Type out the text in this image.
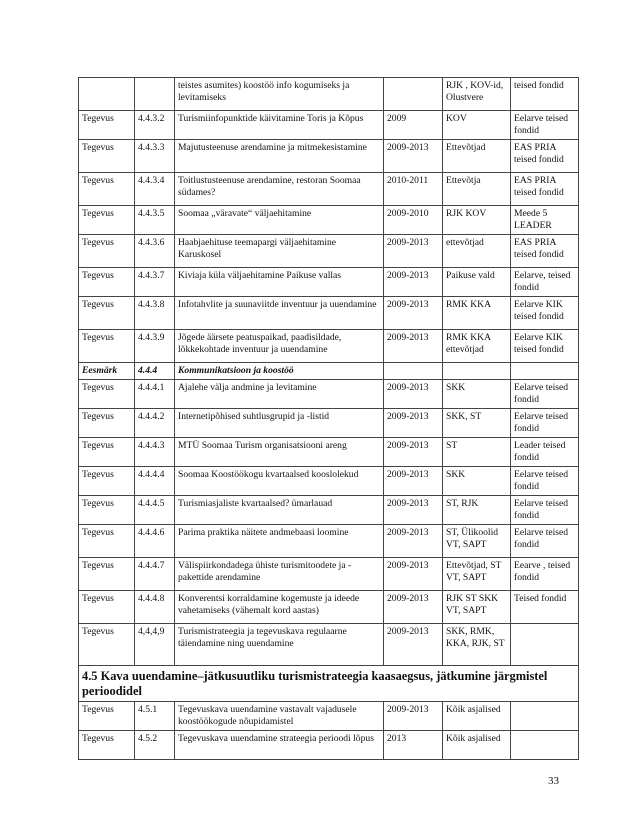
		teistes asumites) koostöö info kogumiseks ja levitamiseks		RJK , KOV-id, Olustvere	teised fondid
Tegevus	4.4.3.2	Turismiinfopunktide käivitamine Toris ja Kõpus	2009	KOV	Eelarve teised fondid
Tegevus	4.4.3.3	Majutusteenuse arendamine ja mitmekesistamine	2009-2013	Ettevõtjad	EAS PRIA teised fondid
Tegevus	4.4.3.4	Toitlustusteenuse arendamine, restoran Soomaa südames?	2010-2011	Ettevõtja	EAS PRIA teised fondid
Tegevus	4.4.3.5	Soomaa „väravate“ väljaehitamine	2009-2010	RJK KOV	Meede 5 LEADER
Tegevus	4.4.3.6	Haabjaehituse teemapargi väljaehitamine Karuskosel	2009-2013	ettevõtjad	EAS PRIA teised fondid
Tegevus	4.4.3.7	Kiviaja küla väljaehitamine Paikuse vallas	2009-2013	Paikuse vald	Eelarve, teised fondid
Tegevus	4.4.3.8	Infotahvlite ja suunaviitde inventuur ja uuendamine	2009-2013	RMK KKA	Eelarve KIK teised fondid
Tegevus	4.4.3.9	Jõgede äärsete peatuspaikad, paadisildade, lõkkekohtade inventuur ja uuendamine	2009-2013	RMK KKA ettevõtjad	Eelarve KIK teised fondid
Eesmärk	4.4.4	Kommunikatsioon ja koostöö			
Tegevus	4.4.4.1	Ajalehe välja andmine ja levitamine	2009-2013	SKK	Eelarve teised fondid
Tegevus	4.4.4.2	Internetipõhised suhtlusgrupid ja -listid	2009-2013	SKK, ST	Eelarve teised fondid
Tegevus	4.4.4.3	MTÜ Soomaa Turism organisatsiooni areng	2009-2013	ST	Leader teised fondid
Tegevus	4.4.4.4	Soomaa Koostöökogu kvartaalsed kooslolekud	2009-2013	SKK	Eelarve teised fondid
Tegevus	4.4.4.5	Turismiasjaliste kvartaalsed? ümarlauad	2009-2013	ST, RJK	Eelarve teised fondid
Tegevus	4.4.4.6	Parima praktika näitete andmebaasi loomine	2009-2013	ST, Ülikoolid VT, SAPT	Eelarve teised fondid
Tegevus	4.4.4.7	Välispiirkondadega ühiste turismitoodete ja -pakettide arendamine	2009-2013	Ettevõtjad, ST VT, SAPT	Eearve , teised fondid
Tegevus	4.4.4.8	Konverentsi korraldamine kogemuste ja ideede vahetamiseks (vähemalt kord aastas)	2009-2013	RJK ST SKK VT, SAPT	Teised fondid
Tegevus	4,4,4,9	Turismistrateegia ja tegevuskava regulaarne täiendamine ning uuendamine	2009-2013	SKK, RMK, KKA, RJK, ST	
4.5 Kava uuendamine–jätkusuutliku turismistrateegia kaasaegsus, jätkumine järgmistel perioodidel					
Tegevus	4.5.1	Tegevuskava uuendamine vastavalt vajadusele koostöökogude nõupidamistel	2009-2013	Kõik asjalised	
Tegevus	4.5.2	Tegevuskava uuendamine strateegia perioodi lõpus	2013	Kõik asjalised	
33
